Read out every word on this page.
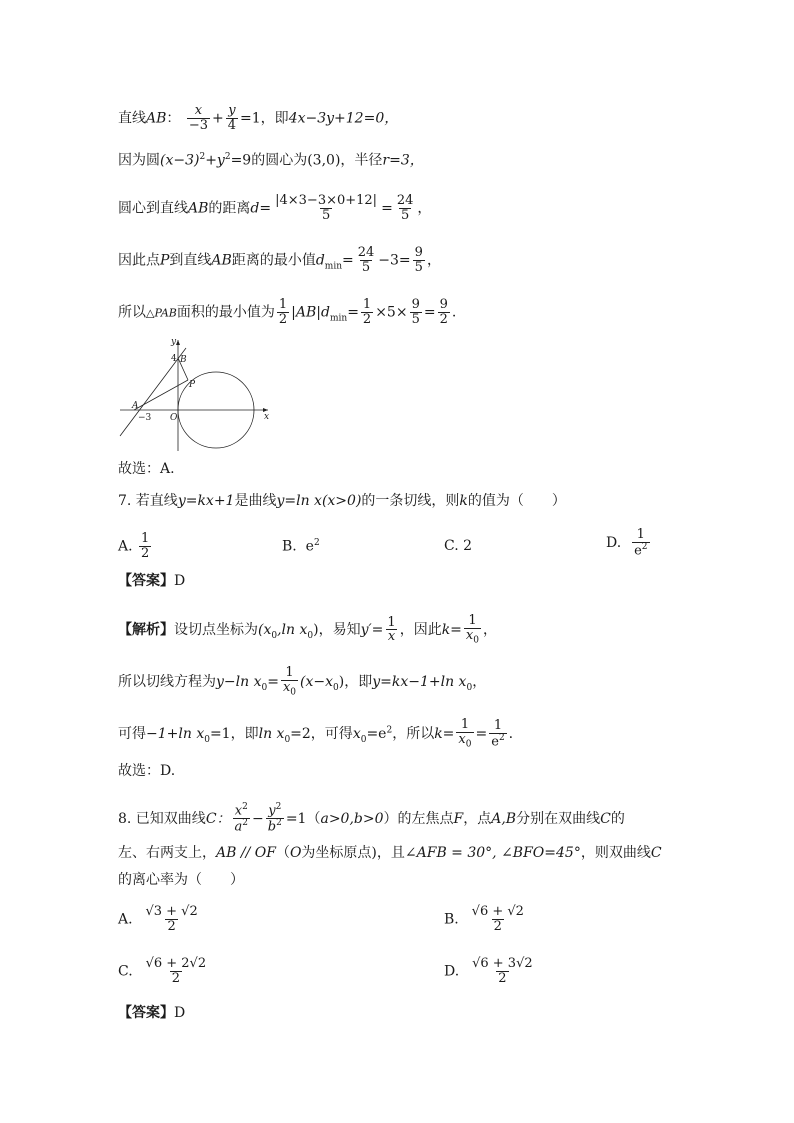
直线AB： $\frac{x}{-3} + \frac{y}{4} =1$，即4x−3y+12=0，
因为圆$(x-3)^2+y^2=9$的圆心为(3,0)，半径r=3，
圆心到直线AB的距离$d= \frac{|4\times 3-3\times 0+12|}{5} = \frac{24}{5}$ ，
因此点P到直线AB距离的最小值$d_{min}= \frac{24}{5} -3= \frac{9}{5}$ ，
所以△PAB面积的最小值为 $\frac{1}{2} |AB|d_{min}= \frac{1}{2} \times 5\times \frac{9}{5} = \frac{9}{2}$ .
y
x
4 B
P
A
−3 O
故选：A.
7. 若直线y=kx+1是曲线y=ln x(x>0)的一条切线，则k的值为（　　）
A. $\frac{1}{2}$	B. $e^2$	C. 2	D. $\frac{1}{e^2}$
【答案】D
【解析】设切点坐标为($x_0,\ln$ $x_0$)，易知$y'= \frac{1}{x}$ ，因此$k= \frac{1}{x_0}$ ，
所以切线方程为y−ln $x_0= \frac{1}{x_0} (x-x_0)$，即y=kx−1+ln $x_0$，
可得−1+ln $x_0=1$，即$\ln x_0=2$，可得$x_0=e^2$，所以$k= \frac{1}{x_0} = \frac{1}{e^2}$ .
故选：D.
8. 已知双曲线C： $\frac{x^2}{a^2} - \frac{y^2}{b^2} =1(a>0,b>0)$的左焦点F，点A,B分别在双曲线C的
左、右两支上，AB // OF（O为坐标原点)，且∠AFB = 30°, ∠BFO=45°，则双曲线C
的离心率为（　　）
A. $\frac{√3 + √2}{2}$	B. $\frac{√6 + √2}{2}$
C. $\frac{√6 + 2√2}{2}$	D. $\frac{√6 + 3√2}{2}$
【答案】D
